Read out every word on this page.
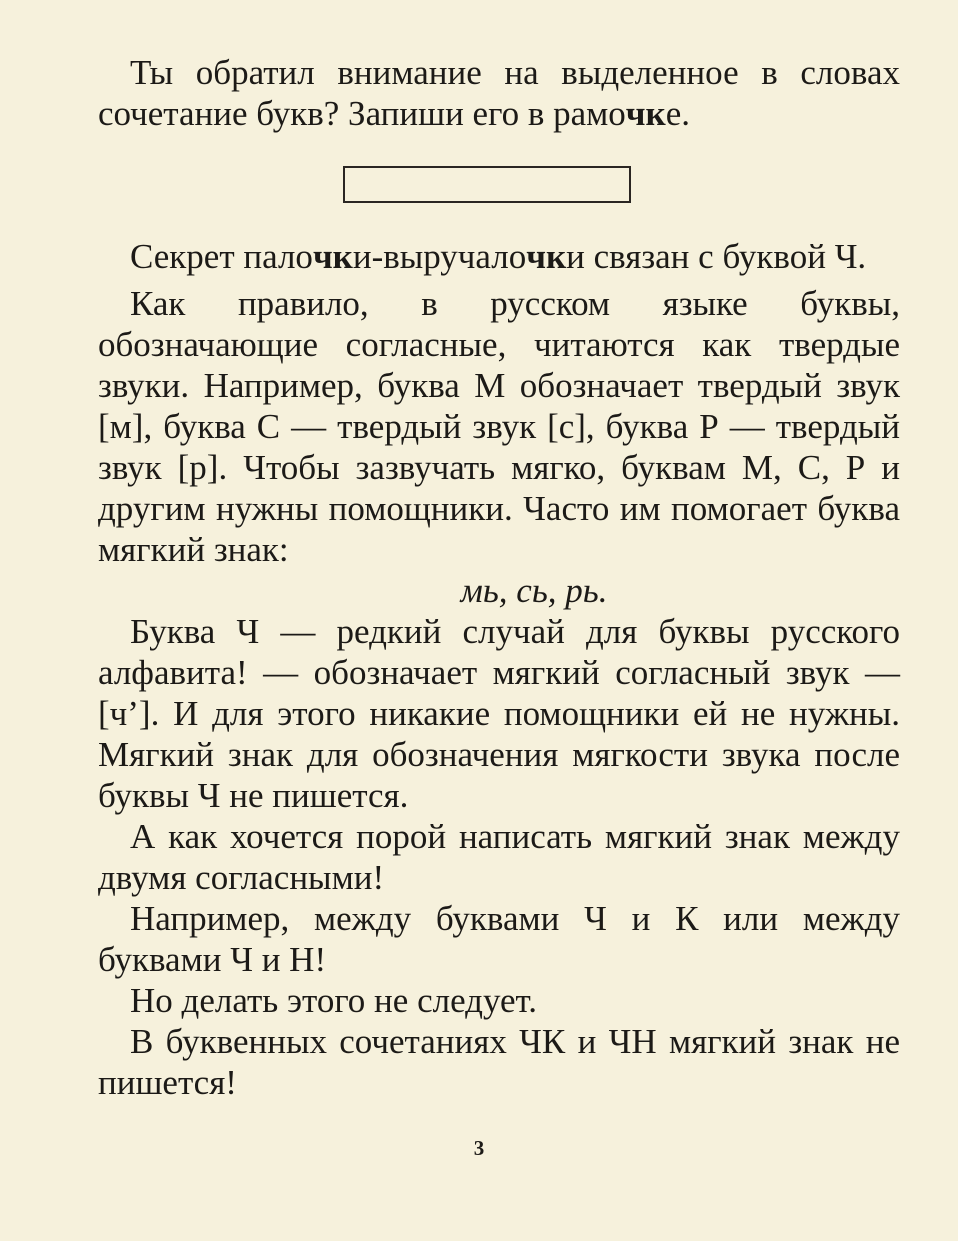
Ты обратил внимание на выделенное в словах сочетание букв? Запиши его в рамочке.

Секрет палочки-выручалочки связан с буквой Ч.

Как правило, в русском языке буквы, обозначающие согласные, читаются как твердые звуки. Например, буква М обозначает твердый звук [м], буква С — твердый звук [с], буква Р — твердый звук [р]. Чтобы зазвучать мягко, буквам М, С, Р и другим нужны помощники. Часто им помогает буква мягкий знак:

мь, сь, рь.

Буква Ч — редкий случай для буквы русского алфавита! — обозначает мягкий согласный звук — [ч’]. И для этого никакие помощники ей не нужны. Мягкий знак для обозначения мягкости звука после буквы Ч не пишется.

А как хочется порой написать мягкий знак между двумя согласными!

Например, между буквами Ч и К или между буквами Ч и Н!

Но делать этого не следует.

В буквенных сочетаниях ЧК и ЧН мягкий знак не пишется!

3
